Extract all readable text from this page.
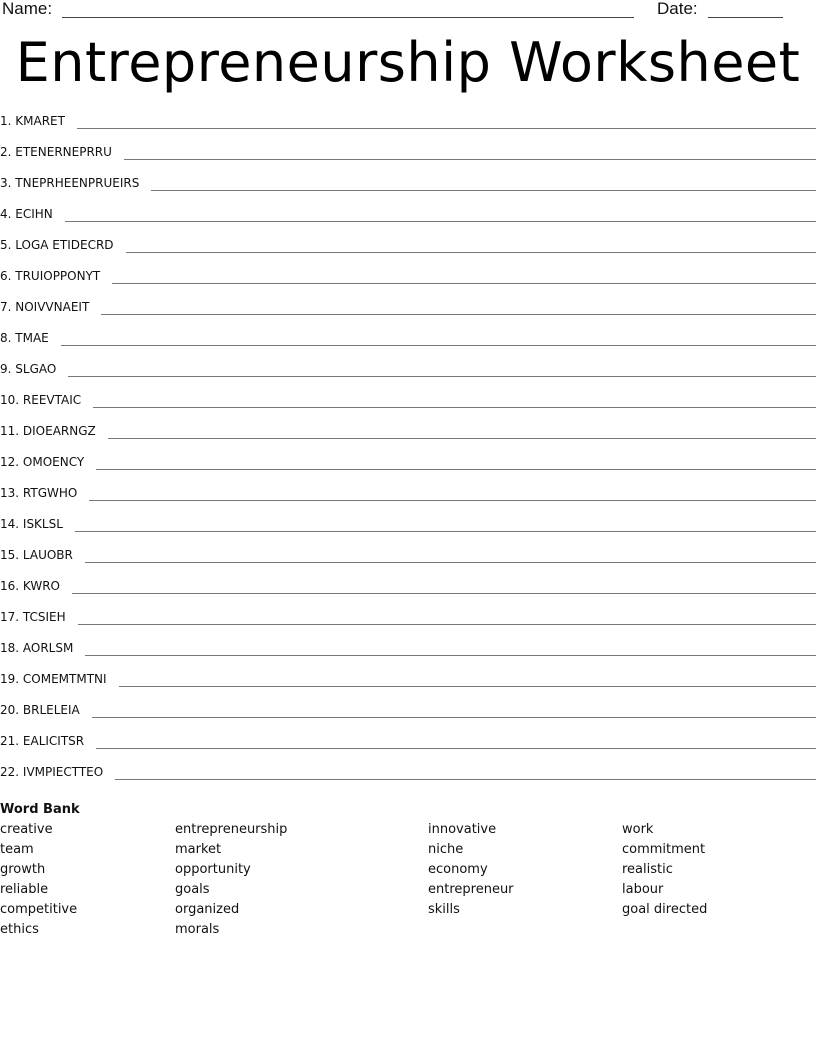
Name:	Date:
Entrepreneurship Worksheet
1. KMARET
2. ETENERNEPRRU
3. TNEPRHEENPRUEIRS
4. ECIHN
5. LOGA ETIDECRD
6. TRUIOPPONYT
7. NOIVVNAEIT
8. TMAE
9. SLGAO
10. REEVTAIC
11. DIOEARNGZ
12. OMOENCY
13. RTGWHO
14. ISKLSL
15. LAUOBR
16. KWRO
17. TCSIEH
18. AORLSM
19. COMEMTMTNI
20. BRLELEIA
21. EALICITSR
22. IVMPIECTTEO
Word Bank
creative
team
growth
reliable
competitive
ethics
entrepreneurship
market
opportunity
goals
organized
morals
innovative
niche
economy
entrepreneur
skills
work
commitment
realistic
labour
goal directed
